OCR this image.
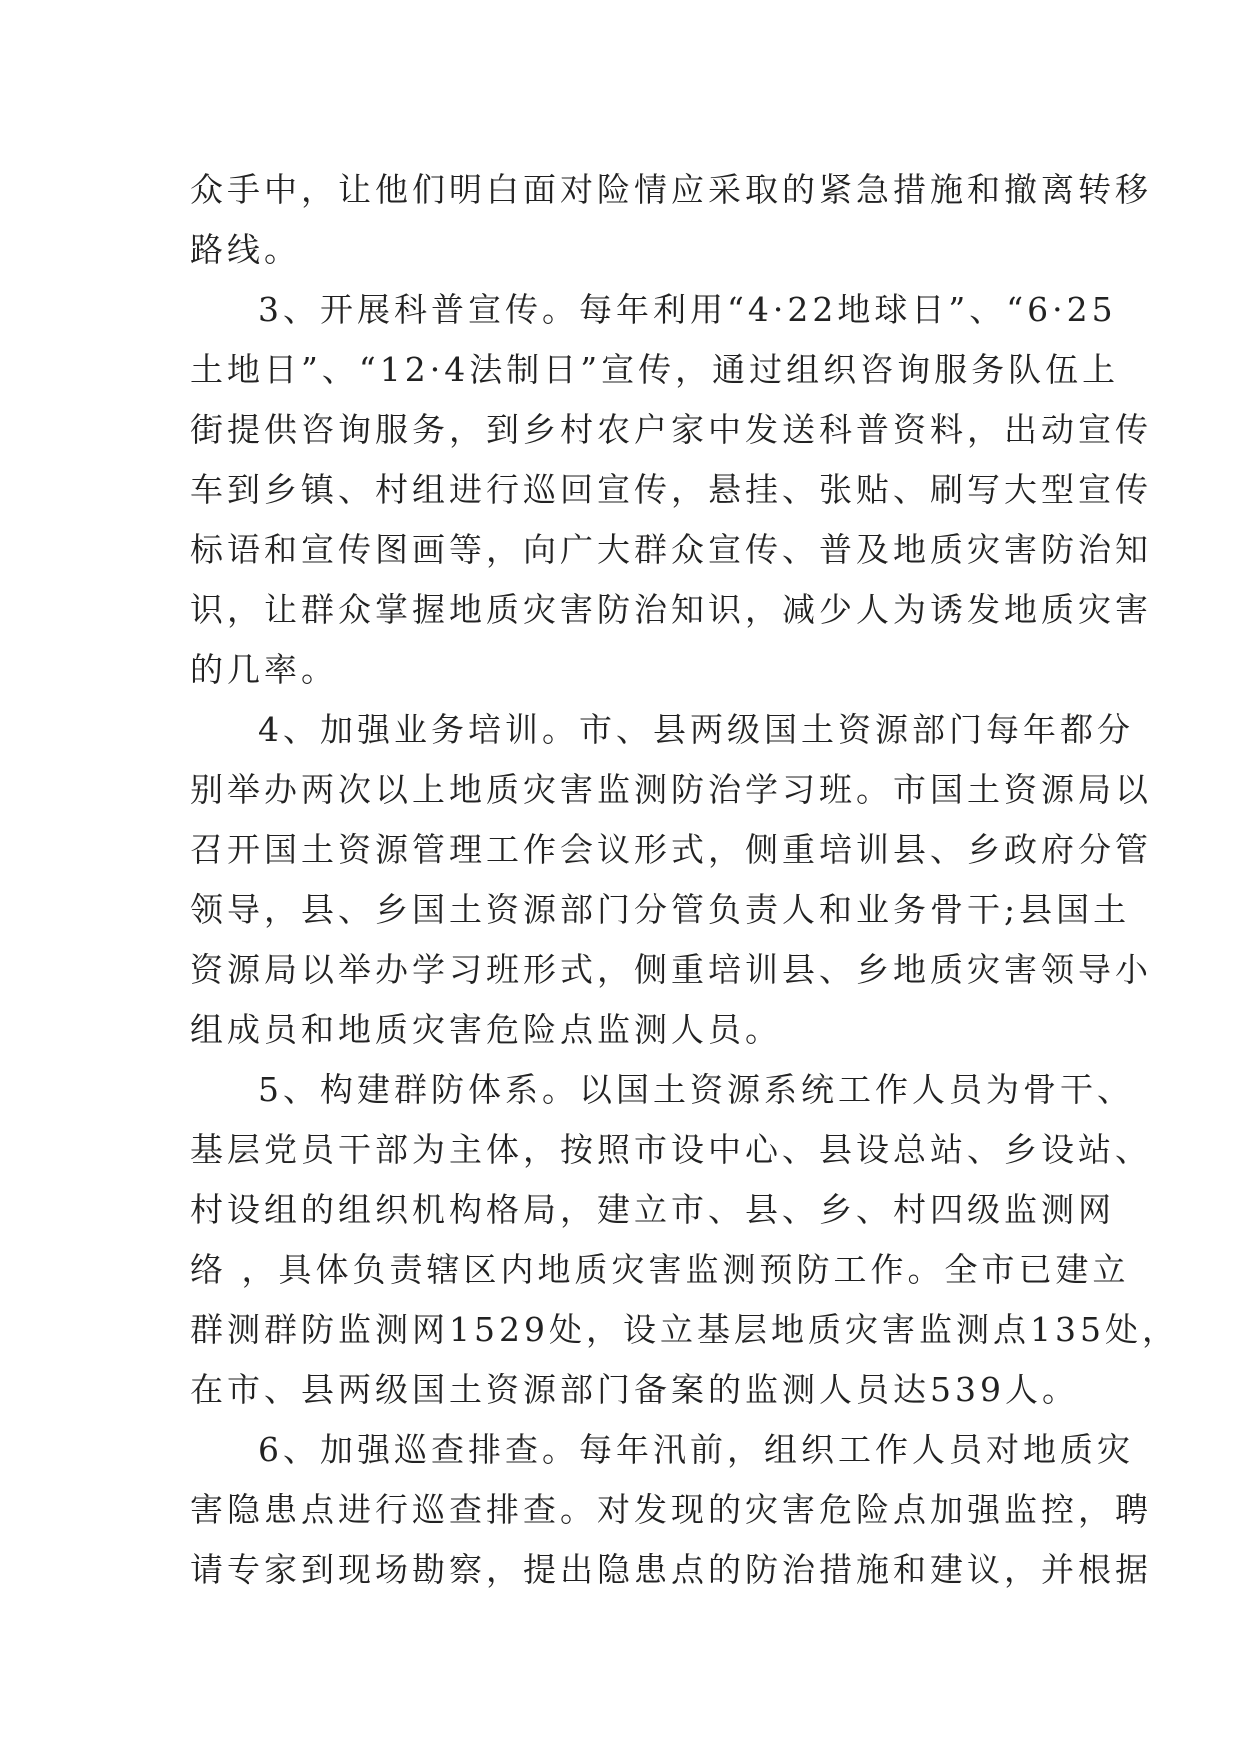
众手中，让他们明白面对险情应采取的紧急措施和撤离转移
路线。
3、开展科普宣传。每年利用“4·22地球日”、“6·25
土地日”、“12·4法制日”宣传，通过组织咨询服务队伍上
街提供咨询服务，到乡村农户家中发送科普资料，出动宣传
车到乡镇、村组进行巡回宣传，悬挂、张贴、刷写大型宣传
标语和宣传图画等，向广大群众宣传、普及地质灾害防治知
识，让群众掌握地质灾害防治知识，减少人为诱发地质灾害
的几率。
4、加强业务培训。市、县两级国土资源部门每年都分
别举办两次以上地质灾害监测防治学习班。市国土资源局以
召开国土资源管理工作会议形式，侧重培训县、乡政府分管
领导，县、乡国土资源部门分管负责人和业务骨干;县国土
资源局以举办学习班形式，侧重培训县、乡地质灾害领导小
组成员和地质灾害危险点监测人员。
5、构建群防体系。以国土资源系统工作人员为骨干、
基层党员干部为主体，按照市设中心、县设总站、乡设站、
村设组的组织机构格局，建立市、县、乡、村四级监测网
络 ，具体负责辖区内地质灾害监测预防工作。全市已建立
群测群防监测网1529处，设立基层地质灾害监测点135处，
在市、县两级国土资源部门备案的监测人员达539人。
6、加强巡查排查。每年汛前，组织工作人员对地质灾
害隐患点进行巡查排查。对发现的灾害危险点加强监控，聘
请专家到现场勘察，提出隐患点的防治措施和建议，并根据
